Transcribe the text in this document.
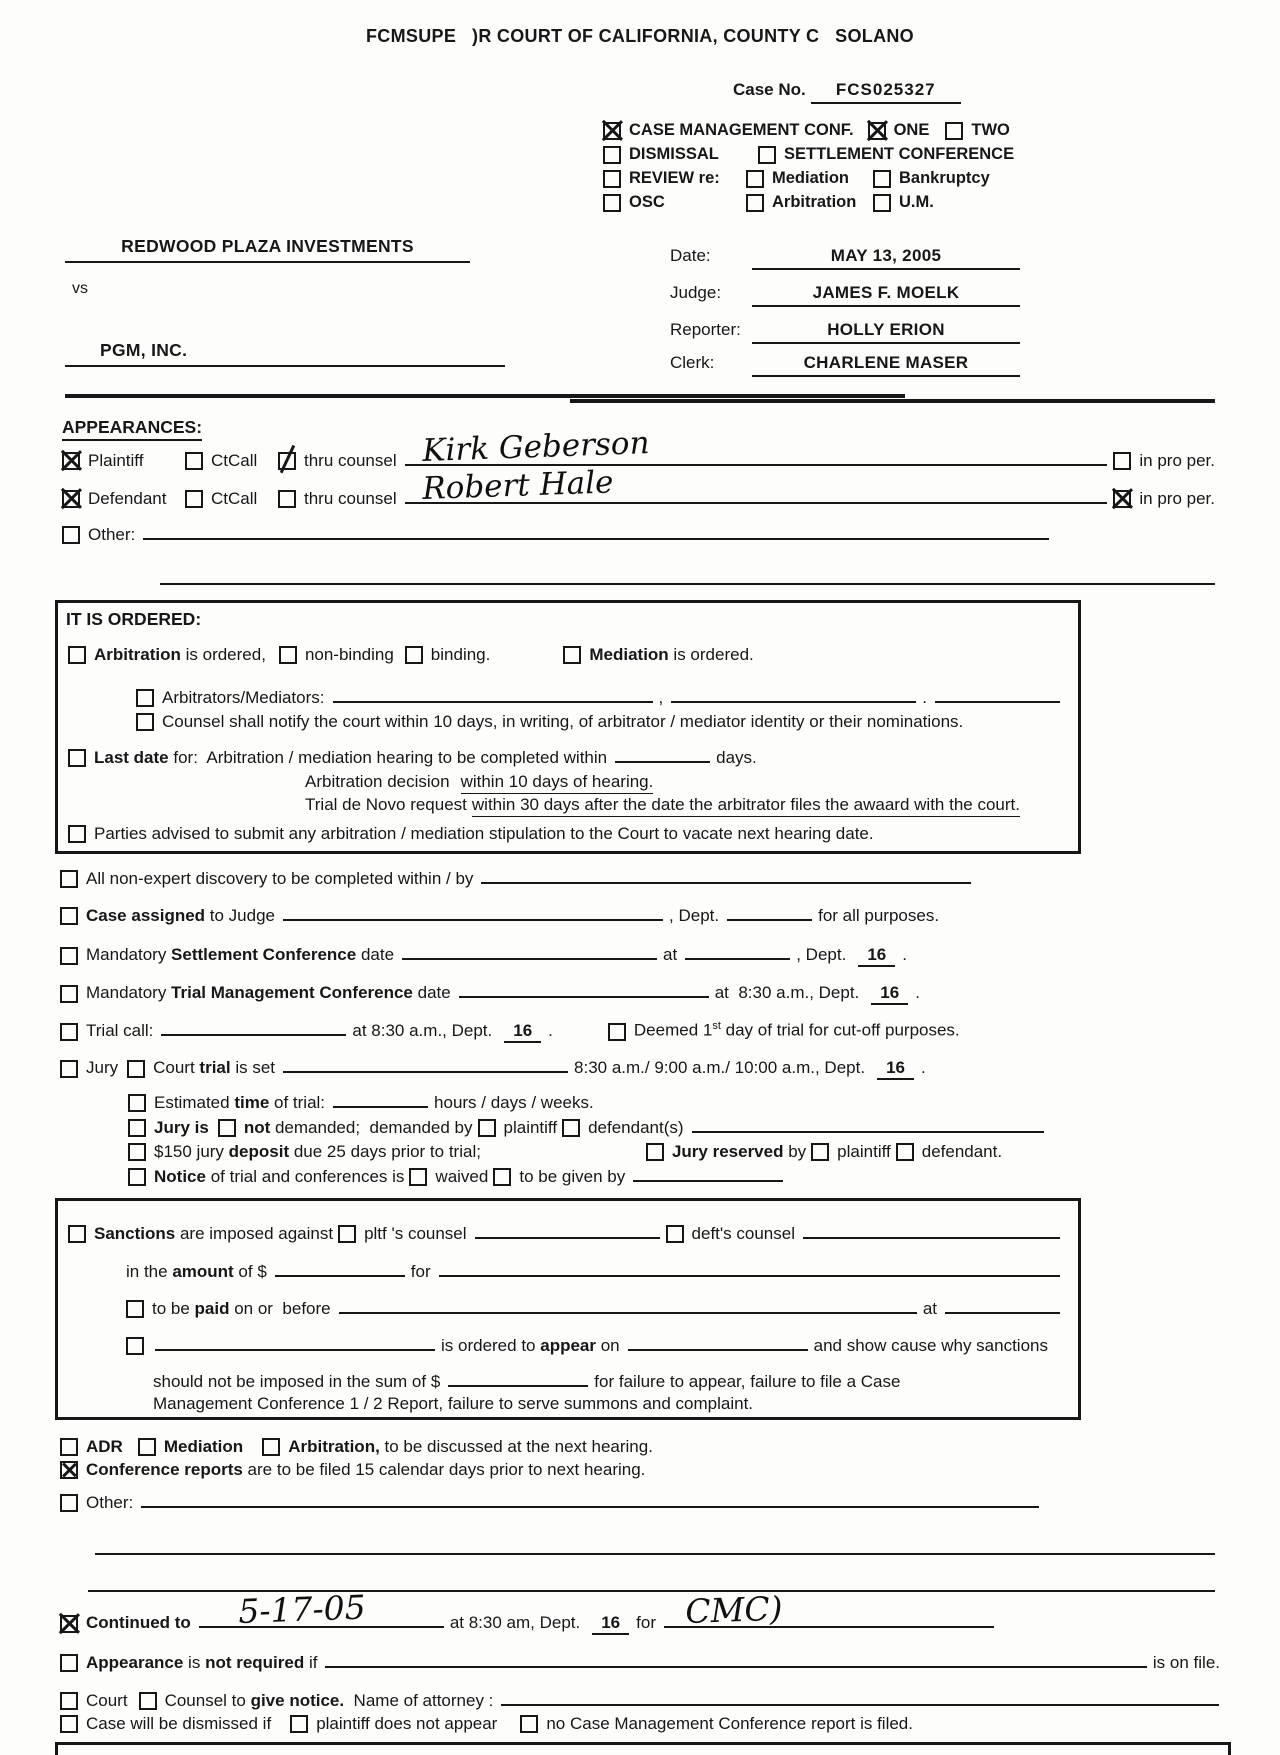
FCMSUPE   )R COURT OF CALIFORNIA, COUNTY C   SOLANO
Case No.	FCS025327
CASE MANAGEMENT CONF. ONE	TWO
DISMISSAL	SETTLEMENT CONFERENCE
REVIEW re:	Mediation	Bankruptcy
OSC	Arbitration	U.M.
REDWOOD PLAZA INVESTMENTS
vs
PGM, INC.
Date:	MAY 13, 2005
Judge:	JAMES F. MOELK
Reporter:	HOLLY ERION
Clerk:	CHARLENE MASER
APPEARANCES:
Plaintiff	CtCall	thru counsel Kirk Geberson	in pro per.
Defendant	CtCall	thru counsel Robert Hale	in pro per.
Other:
IT IS ORDERED:
Arbitration is ordered, non-binding binding.	Mediation is ordered.
Arbitrators/Mediators:	,	.
Counsel shall notify the court within 10 days, in writing, of arbitrator / mediator identity or their nominations.
Last date for:  Arbitration / mediation hearing to be completed within	days.
Arbitration decision within 10 days of hearing.
Trial de Novo request within 30 days after the date the arbitrator files the awaard with the court.
Parties advised to submit any arbitration / mediation stipulation to the Court to vacate next hearing date.
All non-expert discovery to be completed within / by
Case assigned to Judge	, Dept.	for all purposes.
Mandatory Settlement Conference date	at	, Dept.	16 .
Mandatory Trial Management Conference date	at  8:30 a.m., Dept.	16 .
Trial call:	at 8:30 a.m., Dept.	16 .	Deemed 1st day of trial for cut-off purposes.
Jury Court trial is set	8:30 a.m./ 9:00 a.m./ 10:00 a.m., Dept.	16 .
Estimated time of trial:	hours / days / weeks.
Jury is not demanded;  demanded by plaintiff defendant(s)
$150 jury deposit due 25 days prior to trial;	Jury reserved by plaintiff defendant.
Notice of trial and conferences is waived to be given by
Sanctions are imposed against pltf 's counsel	deft's counsel
in the amount of $	for
to be paid on or  before	at
is ordered to appear on	and show cause why sanctions
should not be imposed in the sum of $	for failure to appear, failure to file a Case
Management Conference 1 / 2 Report, failure to serve summons and complaint.
ADR Mediation	Arbitration, to be discussed at the next hearing.
Conference reports are to be filed 15 calendar days prior to next hearing.
Other:
Continued to 5-17-05	at 8:30 am, Dept.	16 for CMC)
Appearance is not required if	is on file.
Court Counsel to give notice.  Name of attorney :
Case will be dismissed if	plaintiff does not appear	no Case Management Conference report is filed.
